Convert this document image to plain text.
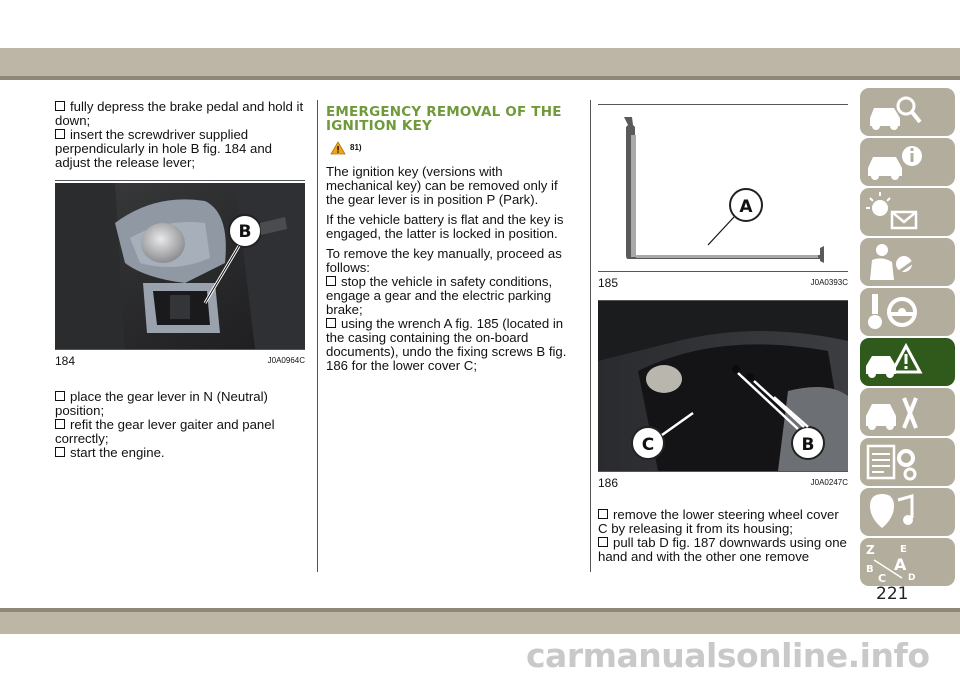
fully depress the brake pedal and hold it down;

insert the screwdriver supplied perpendicularly in hole B fig. 184 and adjust the release lever;

B
184	J0A0964C

place the gear lever in N (Neutral) position;

refit the gear lever gaiter and panel correctly;

start the engine.

EMERGENCY REMOVAL OF THE IGNITION KEY
81)

The ignition key (versions with mechanical key) can be removed only if the gear lever is in position P (Park).

If the vehicle battery is flat and the key is engaged, the latter is locked in position.

To remove the key manually, proceed as follows:

stop the vehicle in safety conditions, engage a gear and the electric parking brake;

using the wrench A fig. 185 (located in the casing containing the on-board documents), undo the fixing screws B fig. 186 for the lower cover C;

A
185	J0A0393C
C	B
186	J0A0247C

remove the lower steering wheel cover C by releasing it from its housing;

pull tab D fig. 187 downwards using one hand and with the other one remove	Z	E
A
B
C D
221
carmanualsonline.info
